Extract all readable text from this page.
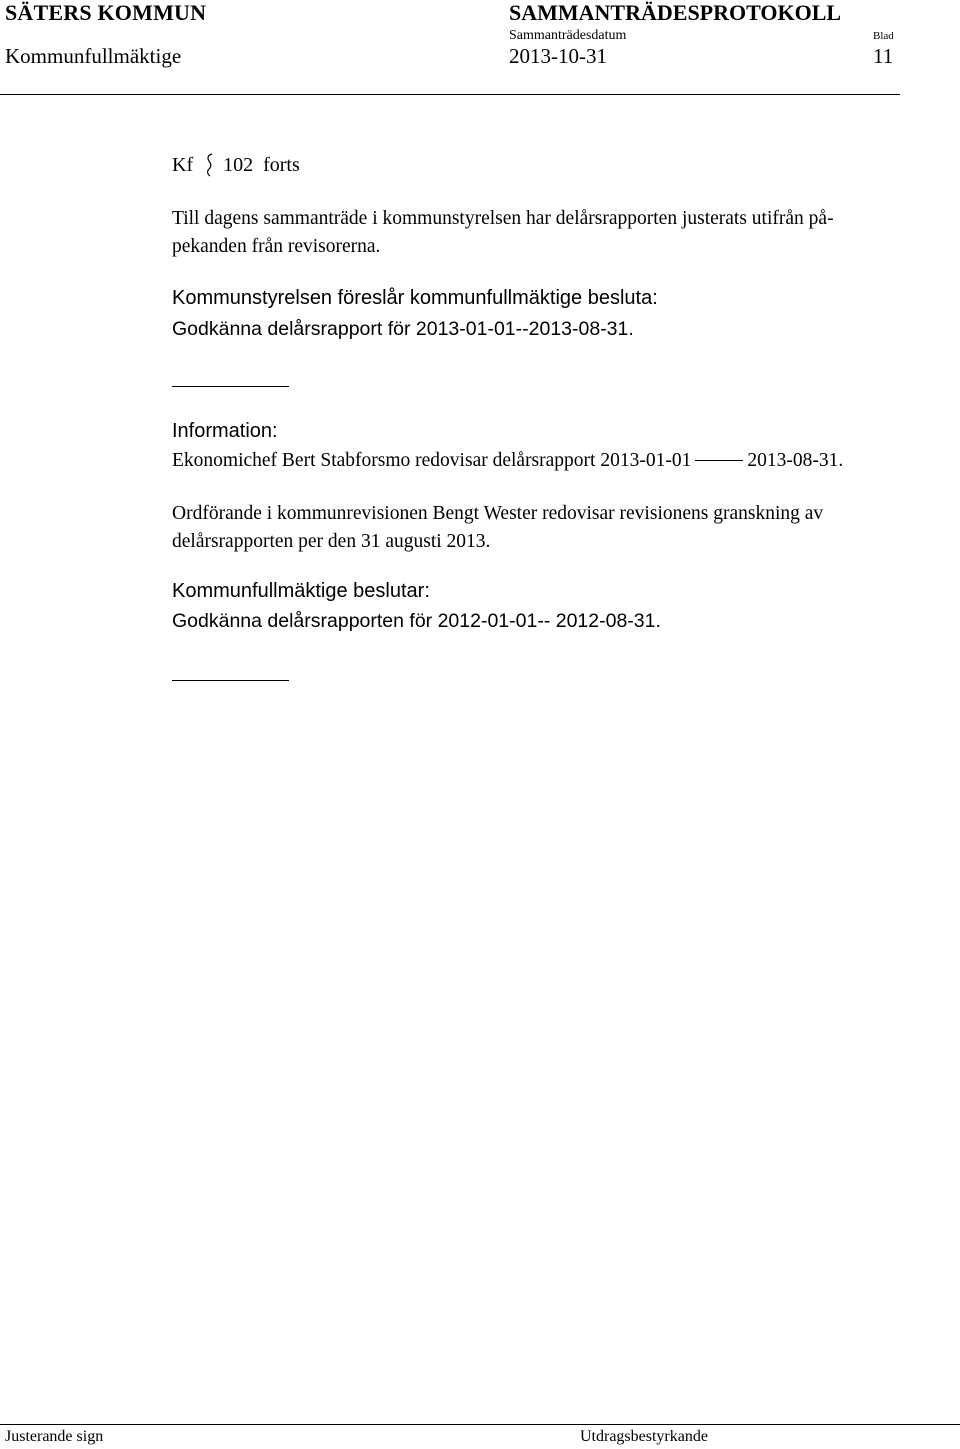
SÄTERS KOMMUN	SAMMANTRÄDESPROTOKOLL
Sammanträdesdatum	Blad
Kommunfullmäktige	2013-10-31	11
Kf 102 forts
Till dagens sammanträde i kommunstyrelsen har delårsrapporten justerats utifrån på-
pekanden från revisorerna.
Kommunstyrelsen föreslår kommunfullmäktige besluta:
Godkänna delårsrapport för 2013-01-01--2013-08-31.
Information:
Ekonomichef Bert Stabforsmo redovisar delårsrapport 2013-01-01	2013-08-31.
Ordförande i kommunrevisionen Bengt Wester redovisar revisionens granskning av
delårsrapporten per den 31 augusti 2013.
Kommunfullmäktige beslutar:
Godkänna delårsrapporten för 2012-01-01-- 2012-08-31.
Justerande sign	Utdragsbestyrkande
